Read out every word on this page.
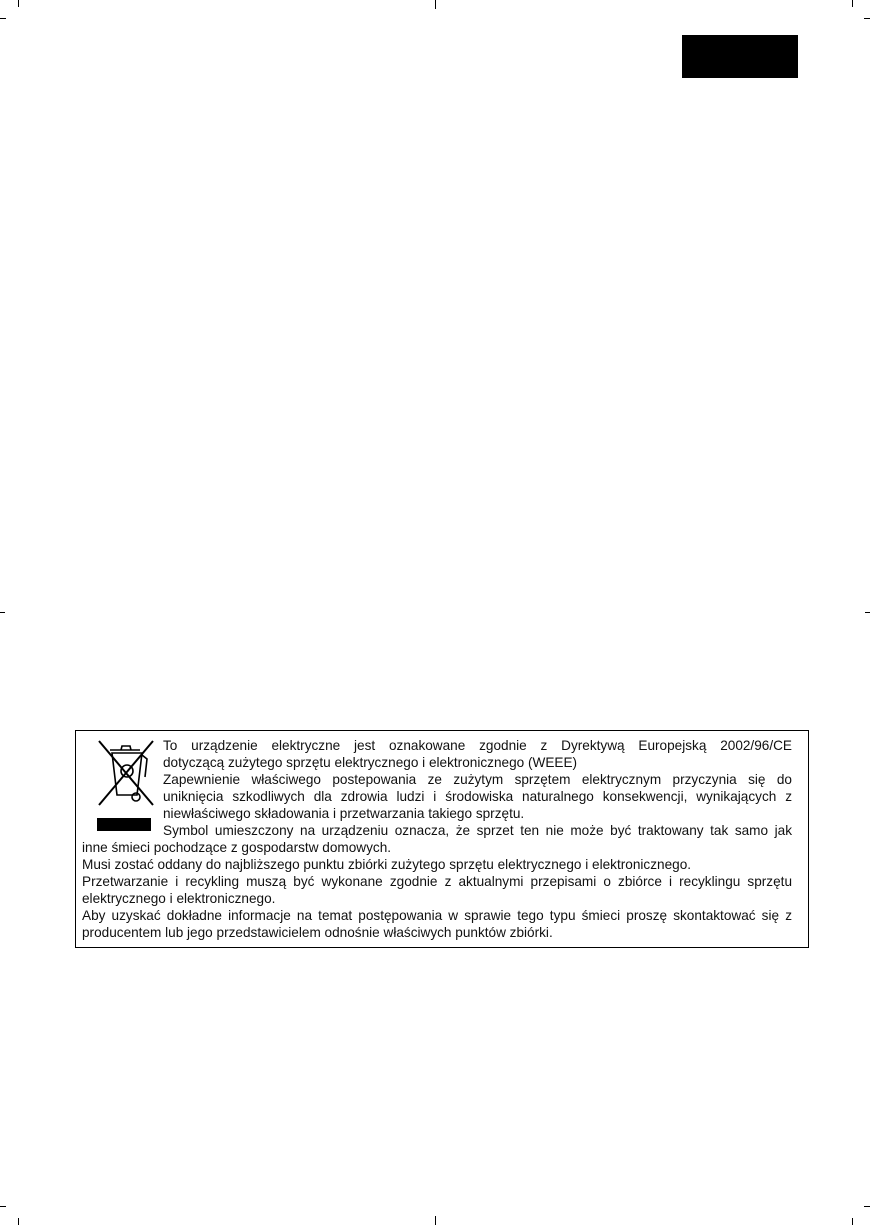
To urządzenie elektryczne jest oznakowane zgodnie z Dyrektywą Europejską 2002/96/CE
dotyczącą zużytego sprzętu elektrycznego i elektronicznego (WEEE)
Zapewnienie właściwego postepowania ze zużytym sprzętem elektrycznym przyczynia się do
uniknięcia szkodliwych dla zdrowia ludzi i środowiska naturalnego konsekwencji, wynikających z
niewłaściwego składowania i przetwarzania takiego sprzętu.
Symbol umieszczony na urządzeniu oznacza, że sprzet ten nie może być traktowany tak samo jak
inne śmieci pochodzące z gospodarstw domowych.
Musi zostać oddany do najbliższego punktu zbiórki zużytego sprzętu elektrycznego i elektronicznego.
Przetwarzanie i recykling muszą być wykonane zgodnie z aktualnymi przepisami o zbiórce i recyklingu sprzętu
elektrycznego i elektronicznego.
Aby uzyskać dokładne informacje na temat postępowania w sprawie tego typu śmieci proszę skontaktować się z
producentem lub jego przedstawicielem odnośnie właściwych punktów zbiórki.
